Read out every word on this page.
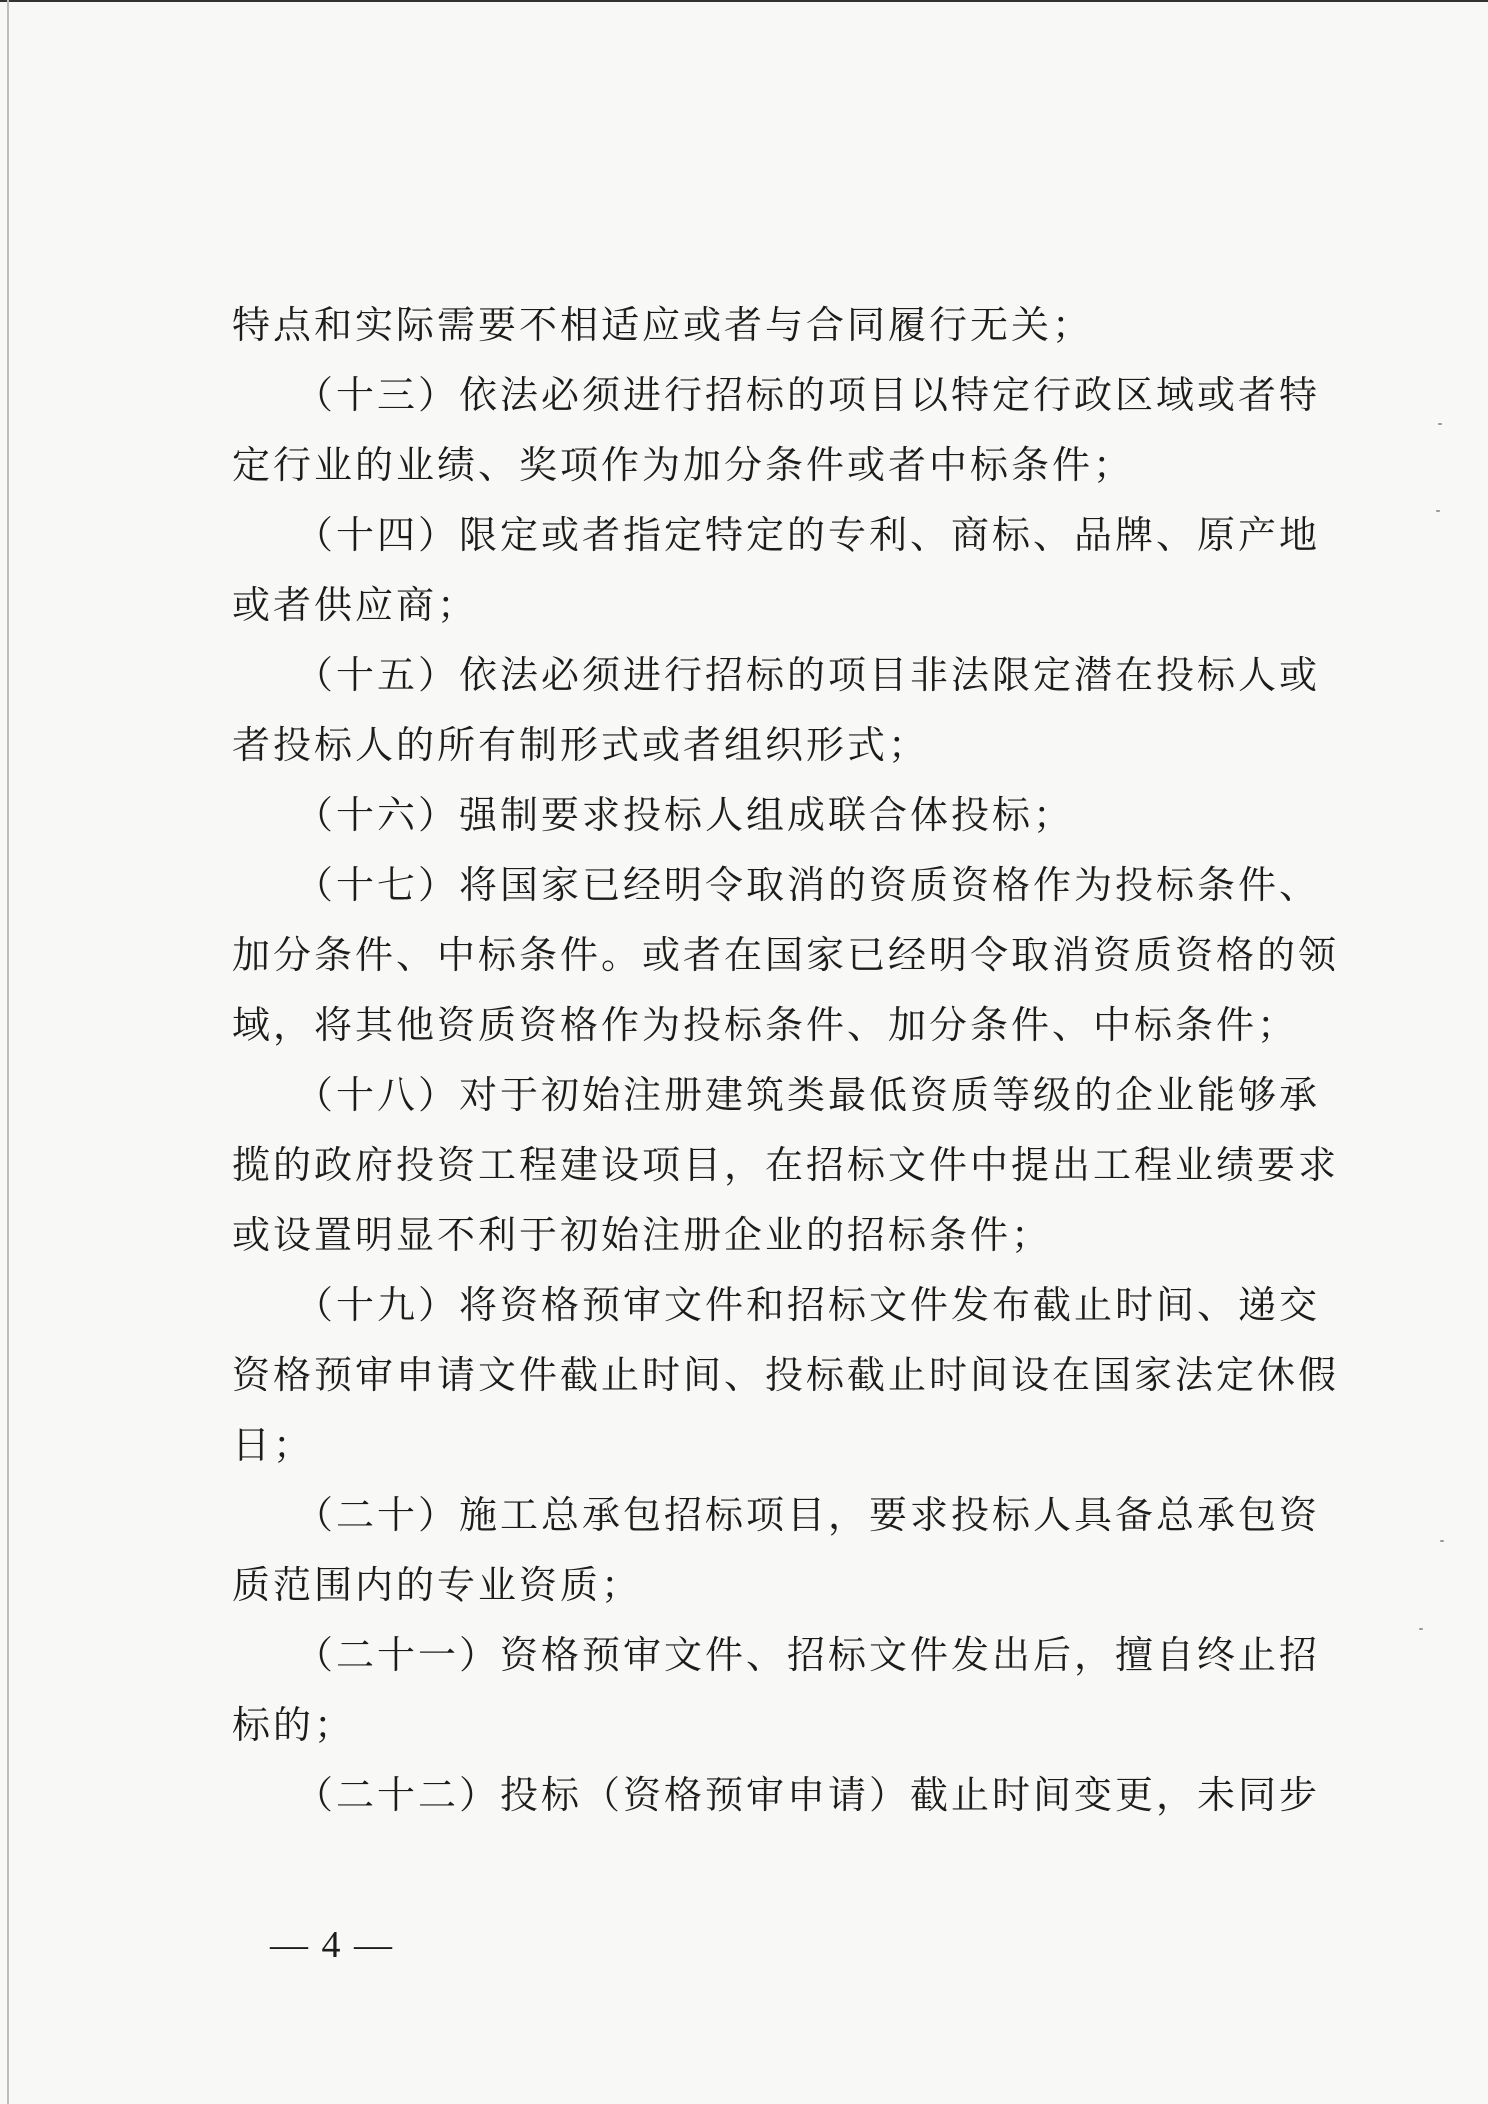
特点和实际需要不相适应或者与合同履行无关；
　　（十三）依法必须进行招标的项目以特定行政区域或者特
定行业的业绩、奖项作为加分条件或者中标条件；
　　（十四）限定或者指定特定的专利、商标、品牌、原产地
或者供应商；
　　（十五）依法必须进行招标的项目非法限定潜在投标人或
者投标人的所有制形式或者组织形式；
　　（十六）强制要求投标人组成联合体投标；
　　（十七）将国家已经明令取消的资质资格作为投标条件、
加分条件、中标条件。或者在国家已经明令取消资质资格的领
域，将其他资质资格作为投标条件、加分条件、中标条件；
　　（十八）对于初始注册建筑类最低资质等级的企业能够承
揽的政府投资工程建设项目，在招标文件中提出工程业绩要求
或设置明显不利于初始注册企业的招标条件；
　　（十九）将资格预审文件和招标文件发布截止时间、递交
资格预审申请文件截止时间、投标截止时间设在国家法定休假
日；
　　（二十）施工总承包招标项目，要求投标人具备总承包资
质范围内的专业资质；
　　（二十一）资格预审文件、招标文件发出后，擅自终止招
标的；
　　（二十二）投标（资格预审申请）截止时间变更，未同步
— 4 —
